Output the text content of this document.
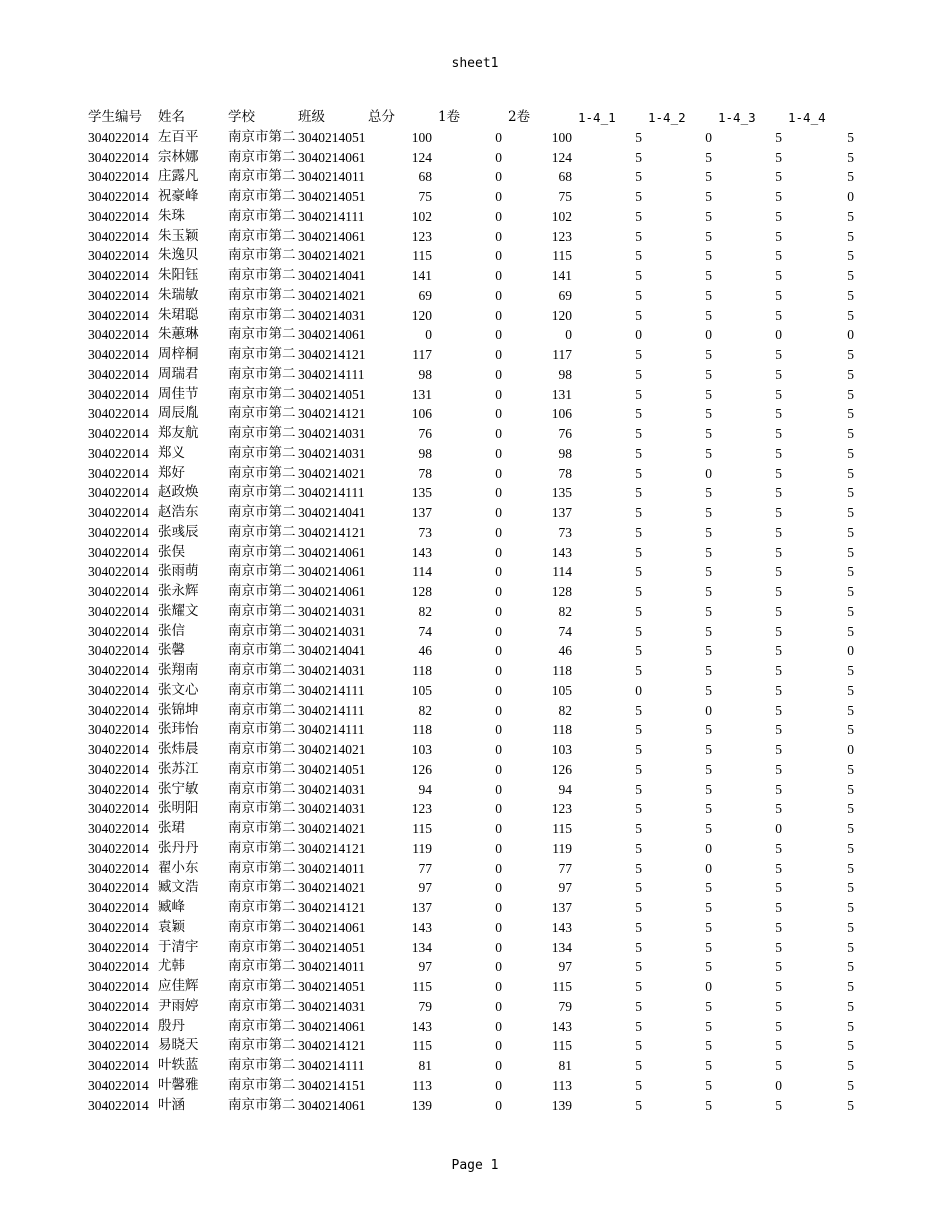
sheet1
学生编号 姓名	学校	班级	总分	1卷	2卷	1-4_1	1-4_2	1-4_3	1-4_4
304022014 左百平	南京市第二 3040214051	100	0	100	5	0	5	5
304022014 宗林娜	南京市第二 3040214061	124	0	124	5	5	5	5
304022014 庄露凡	南京市第二 3040214011	68	0	68	5	5	5	5
304022014 祝豪峰	南京市第二 3040214051	75	0	75	5	5	5	0
304022014 朱珠	南京市第二 3040214111	102	0	102	5	5	5	5
304022014 朱玉颖	南京市第二 3040214061	123	0	123	5	5	5	5
304022014 朱逸贝	南京市第二 3040214021	115	0	115	5	5	5	5
304022014 朱阳钰	南京市第二 3040214041	141	0	141	5	5	5	5
304022014 朱瑞敏	南京市第二 3040214021	69	0	69	5	5	5	5
304022014 朱珺聪	南京市第二 3040214031	120	0	120	5	5	5	5
304022014 朱蕙琳	南京市第二 3040214061	0	0	0	0	0	0	0
304022014 周梓桐	南京市第二 3040214121	117	0	117	5	5	5	5
304022014 周瑞君	南京市第二 3040214111	98	0	98	5	5	5	5
304022014 周佳节	南京市第二 3040214051	131	0	131	5	5	5	5
304022014 周辰胤	南京市第二 3040214121	106	0	106	5	5	5	5
304022014 郑友航	南京市第二 3040214031	76	0	76	5	5	5	5
304022014 郑义	南京市第二 3040214031	98	0	98	5	5	5	5
304022014 郑好	南京市第二 3040214021	78	0	78	5	0	5	5
304022014 赵政焕	南京市第二 3040214111	135	0	135	5	5	5	5
304022014 赵浩东	南京市第二 3040214041	137	0	137	5	5	5	5
304022014 张彧辰	南京市第二 3040214121	73	0	73	5	5	5	5
304022014 张俣	南京市第二 3040214061	143	0	143	5	5	5	5
304022014 张雨萌	南京市第二 3040214061	114	0	114	5	5	5	5
304022014 张永辉	南京市第二 3040214061	128	0	128	5	5	5	5
304022014 张耀文	南京市第二 3040214031	82	0	82	5	5	5	5
304022014 张信	南京市第二 3040214031	74	0	74	5	5	5	5
304022014 张馨	南京市第二 3040214041	46	0	46	5	5	5	0
304022014 张翔南	南京市第二 3040214031	118	0	118	5	5	5	5
304022014 张文心	南京市第二 3040214111	105	0	105	0	5	5	5
304022014 张锦坤	南京市第二 3040214111	82	0	82	5	0	5	5
304022014 张玮怡	南京市第二 3040214111	118	0	118	5	5	5	5
304022014 张炜晨	南京市第二 3040214021	103	0	103	5	5	5	0
304022014 张苏江	南京市第二 3040214051	126	0	126	5	5	5	5
304022014 张宁敏	南京市第二 3040214031	94	0	94	5	5	5	5
304022014 张明阳	南京市第二 3040214031	123	0	123	5	5	5	5
304022014 张珺	南京市第二 3040214021	115	0	115	5	5	0	5
304022014 张丹丹	南京市第二 3040214121	119	0	119	5	0	5	5
304022014 翟小东	南京市第二 3040214011	77	0	77	5	0	5	5
304022014 臧文浩	南京市第二 3040214021	97	0	97	5	5	5	5
304022014 臧峰	南京市第二 3040214121	137	0	137	5	5	5	5
304022014 袁颖	南京市第二 3040214061	143	0	143	5	5	5	5
304022014 于清宇	南京市第二 3040214051	134	0	134	5	5	5	5
304022014 尤韩	南京市第二 3040214011	97	0	97	5	5	5	5
304022014 应佳辉	南京市第二 3040214051	115	0	115	5	0	5	5
304022014 尹雨婷	南京市第二 3040214031	79	0	79	5	5	5	5
304022014 殷丹	南京市第二 3040214061	143	0	143	5	5	5	5
304022014 易晓天	南京市第二 3040214121	115	0	115	5	5	5	5
304022014 叶轶蓝	南京市第二 3040214111	81	0	81	5	5	5	5
304022014 叶馨雅	南京市第二 3040214151	113	0	113	5	5	0	5
304022014 叶涵	南京市第二 3040214061	139	0	139	5	5	5	5
Page 1
